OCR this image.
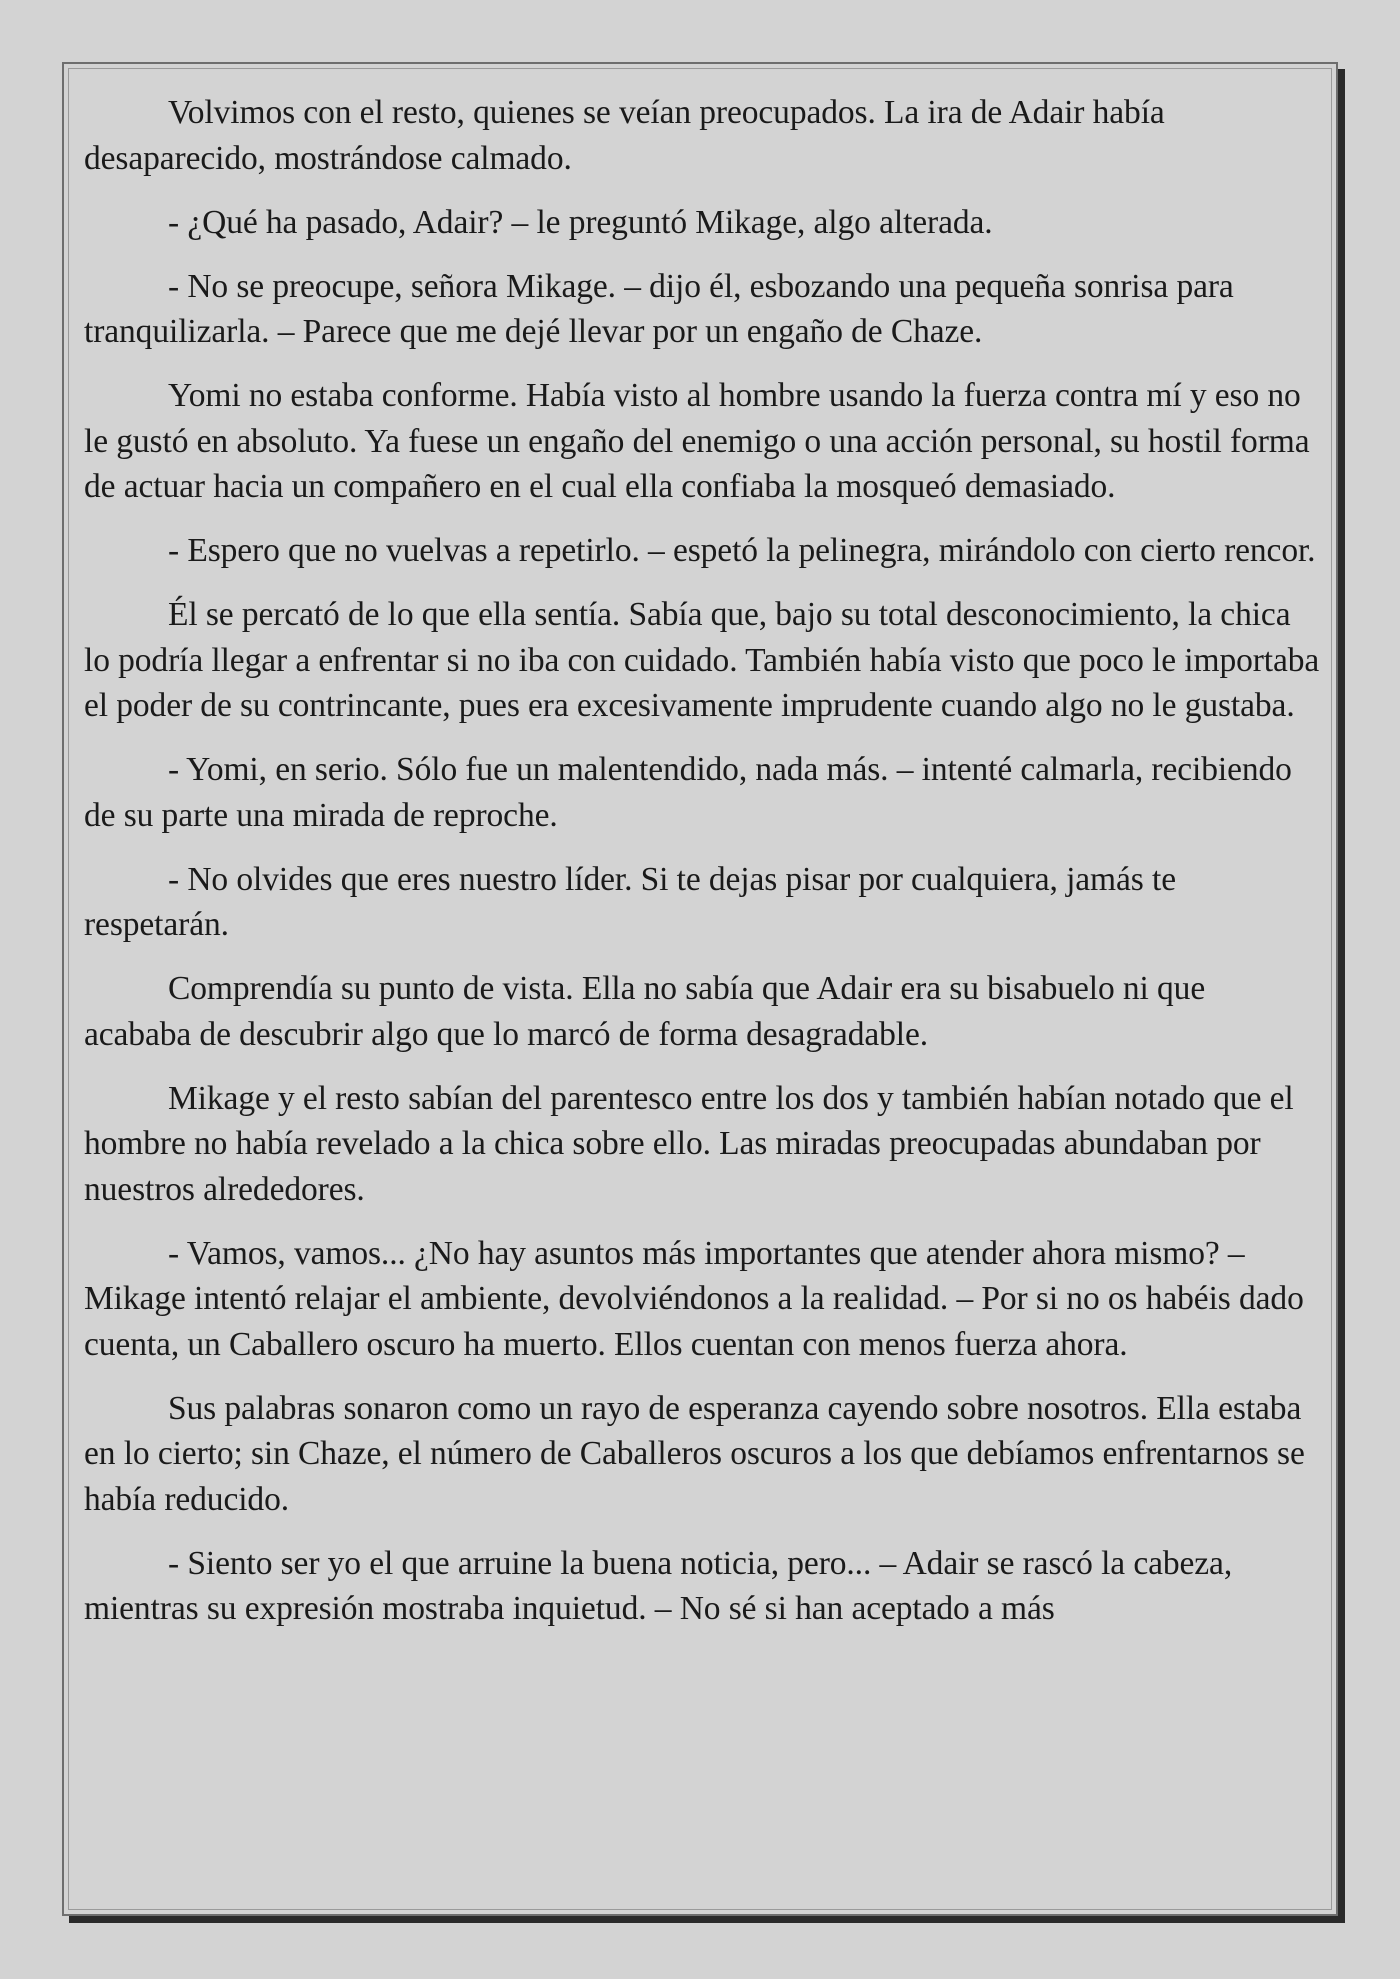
Volvimos con el resto, quienes se veían preocupados. La ira de Adair había desaparecido, mostrándose calmado.

- ¿Qué ha pasado, Adair? – le preguntó Mikage, algo alterada.

- No se preocupe, señora Mikage. – dijo él, esbozando una pequeña sonrisa para tranquilizarla. – Parece que me dejé llevar por un engaño de Chaze.

Yomi no estaba conforme. Había visto al hombre usando la fuerza contra mí y eso no le gustó en absoluto. Ya fuese un engaño del enemigo o una acción personal, su hostil forma de actuar hacia un compañero en el cual ella confiaba la mosqueó demasiado.

- Espero que no vuelvas a repetirlo. – espetó la pelinegra, mirándolo con cierto rencor.

Él se percató de lo que ella sentía. Sabía que, bajo su total desconocimiento, la chica lo podría llegar a enfrentar si no iba con cuidado. También había visto que poco le importaba el poder de su contrincante, pues era excesivamente imprudente cuando algo no le gustaba.

- Yomi, en serio. Sólo fue un malentendido, nada más. – intenté calmarla, recibiendo de su parte una mirada de reproche.

- No olvides que eres nuestro líder. Si te dejas pisar por cualquiera, jamás te respetarán.

Comprendía su punto de vista. Ella no sabía que Adair era su bisabuelo ni que acababa de descubrir algo que lo marcó de forma desagradable.

Mikage y el resto sabían del parentesco entre los dos y también habían notado que el hombre no había revelado a la chica sobre ello. Las miradas preocupadas abundaban por nuestros alrededores.

- Vamos, vamos... ¿No hay asuntos más importantes que atender ahora mismo? – Mikage intentó relajar el ambiente, devolviéndonos a la realidad. – Por si no os habéis dado cuenta, un Caballero oscuro ha muerto. Ellos cuentan con menos fuerza ahora.

Sus palabras sonaron como un rayo de esperanza cayendo sobre nosotros. Ella estaba en lo cierto; sin Chaze, el número de Caballeros oscuros a los que debíamos enfrentarnos se había reducido.

- Siento ser yo el que arruine la buena noticia, pero... – Adair se rascó la cabeza, mientras su expresión mostraba inquietud. – No sé si han aceptado a más
